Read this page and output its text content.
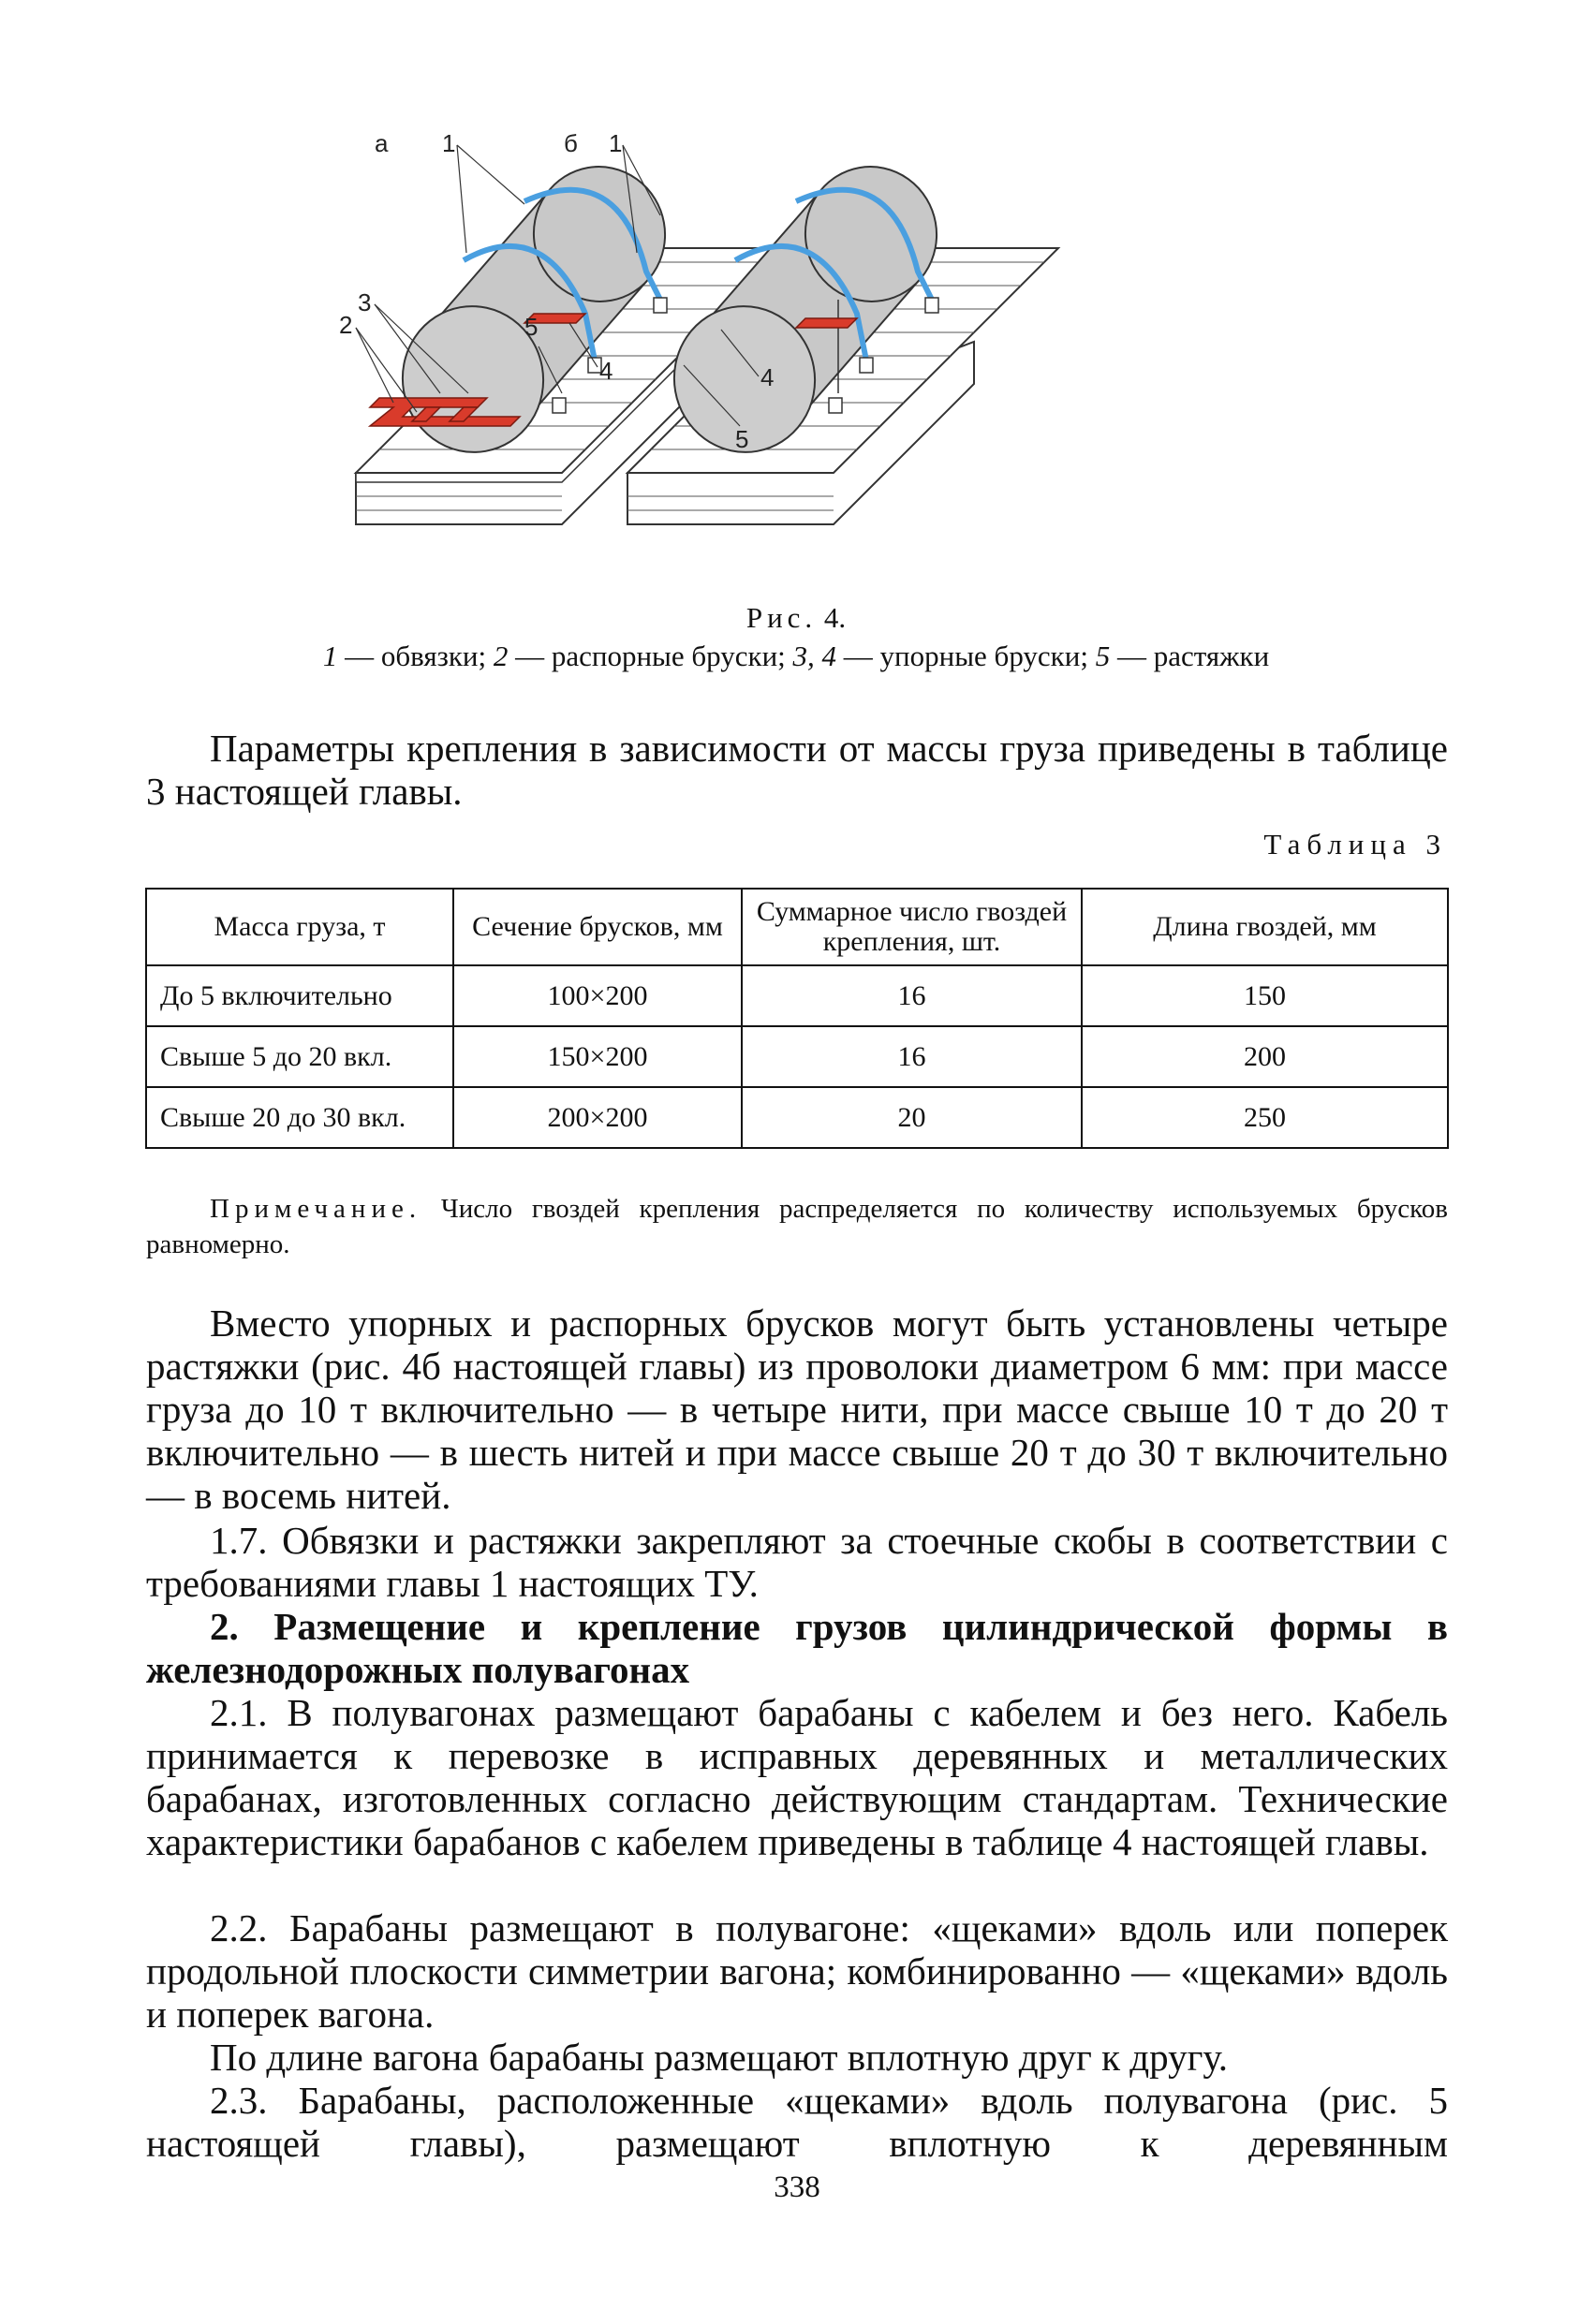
а
2
3
1
4
б 1
5
4
5
Рис. 4.
1 — обвязки; 2 — распорные бруски; 3, 4 — упорные бруски; 5 — растяжки
Параметры крепления в зависимости от массы груза приведены в таблице 3 настоящей главы.
Таблица 3
Масса груза, т	Сечение брусков, мм	Суммарное число гвоздей крепления, шт.	Длина гвоздей, мм
До 5 включительно	100×200	16	150
Свыше 5 до 20 вкл.	150×200	16	200
Свыше 20 до 30 вкл.	200×200	20	250
Примечание. Число гвоздей крепления распределяется по количеству используемых брусков равномерно.
Вместо упорных и распорных брусков могут быть установлены четыре растяжки (рис. 4б настоящей главы) из проволоки диаметром 6 мм: при массе груза до 10 т включительно — в четыре нити, при массе свыше 10 т до 20 т включительно — в шесть нитей и при массе свыше 20 т до 30 т включительно — в восемь нитей.
1.7. Обвязки и растяжки закрепляют за стоечные скобы в соответствии с требованиями главы 1 настоящих ТУ.
2. Размещение и крепление грузов цилиндрической формы в железнодорожных полувагонах
2.1. В полувагонах размещают барабаны с кабелем и без него. Кабель принимается к перевозке в исправных деревянных и металлических барабанах, изготовленных согласно действующим стандартам. Технические характеристики барабанов с кабелем приведены в таблице 4 настоящей главы.
2.2. Барабаны размещают в полувагоне: «щеками» вдоль или поперек продольной плоскости симметрии вагона; комбинированно — «щеками» вдоль и поперек вагона.
По длине вагона барабаны размещают вплотную друг к другу.
2.3. Барабаны, расположенные «щеками» вдоль полувагона (рис. 5 настоящей главы), размещают вплотную к деревянным
338
